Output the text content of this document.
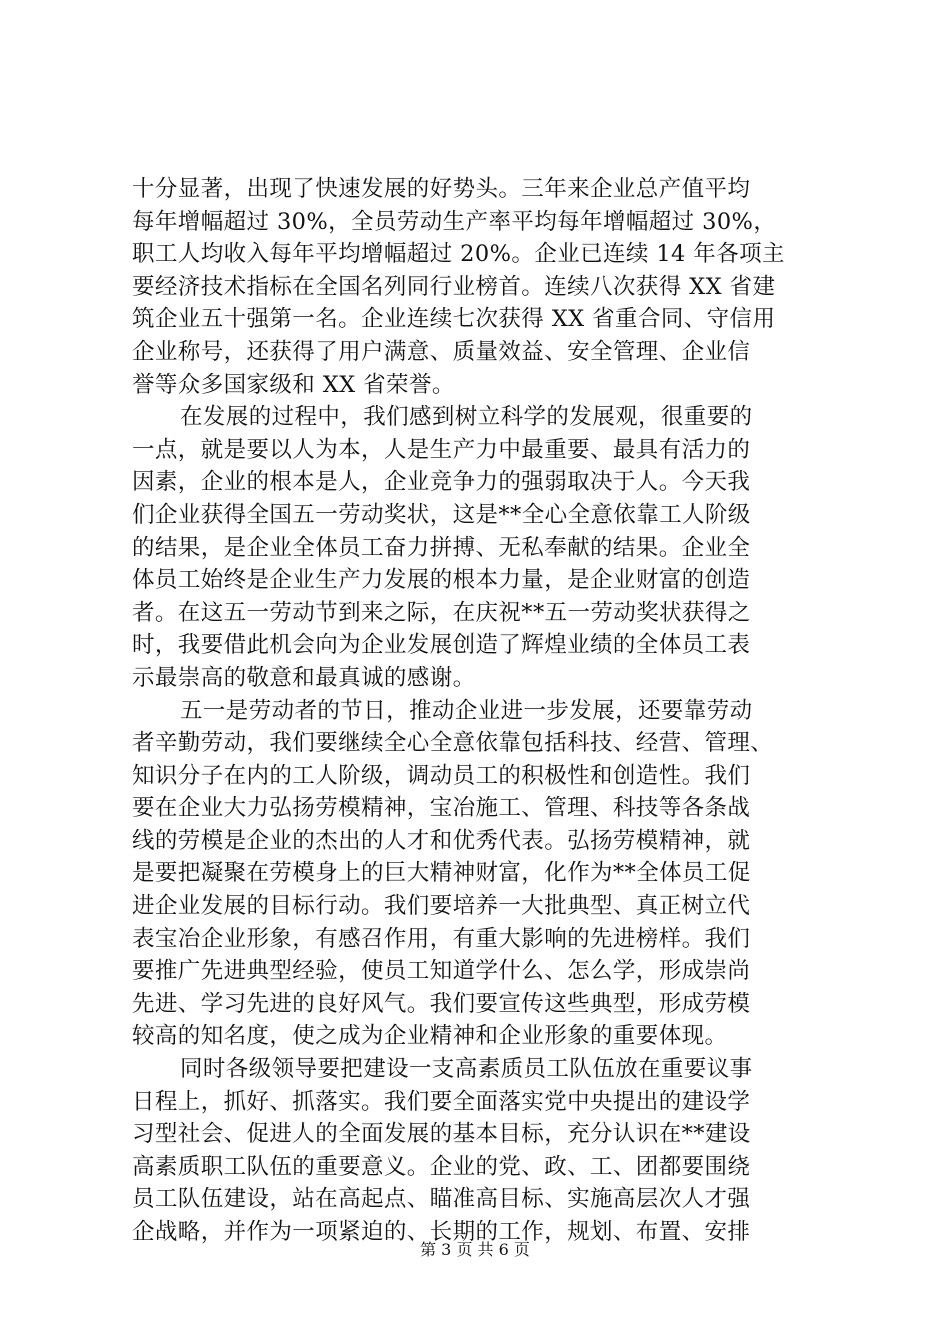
十分显著，出现了快速发展的好势头。三年来企业总产值平均
每年增幅超过 30%，全员劳动生产率平均每年增幅超过 30%，
职工人均收入每年平均增幅超过 20%。企业已连续 14 年各项主
要经济技术指标在全国名列同行业榜首。连续八次获得 XX 省建
筑企业五十强第一名。企业连续七次获得 XX 省重合同、守信用
企业称号，还获得了用户满意、质量效益、安全管理、企业信
誉等众多国家级和 XX 省荣誉。
在发展的过程中，我们感到树立科学的发展观，很重要的
一点，就是要以人为本，人是生产力中最重要、最具有活力的
因素，企业的根本是人，企业竞争力的强弱取决于人。今天我
们企业获得全国五一劳动奖状，这是**全心全意依靠工人阶级
的结果，是企业全体员工奋力拼搏、无私奉献的结果。企业全
体员工始终是企业生产力发展的根本力量，是企业财富的创造
者。在这五一劳动节到来之际，在庆祝**五一劳动奖状获得之
时，我要借此机会向为企业发展创造了辉煌业绩的全体员工表
示最崇高的敬意和最真诚的感谢。
五一是劳动者的节日，推动企业进一步发展，还要靠劳动
者辛勤劳动，我们要继续全心全意依靠包括科技、经营、管理、
知识分子在内的工人阶级，调动员工的积极性和创造性。我们
要在企业大力弘扬劳模精神，宝冶施工、管理、科技等各条战
线的劳模是企业的杰出的人才和优秀代表。弘扬劳模精神，就
是要把凝聚在劳模身上的巨大精神财富，化作为**全体员工促
进企业发展的目标行动。我们要培养一大批典型、真正树立代
表宝冶企业形象，有感召作用，有重大影响的先进榜样。我们
要推广先进典型经验，使员工知道学什么、怎么学，形成崇尚
先进、学习先进的良好风气。我们要宣传这些典型，形成劳模
较高的知名度，使之成为企业精神和企业形象的重要体现。
同时各级领导要把建设一支高素质员工队伍放在重要议事
日程上，抓好、抓落实。我们要全面落实党中央提出的建设学
习型社会、促进人的全面发展的基本目标，充分认识在**建设
高素质职工队伍的重要意义。企业的党、政、工、团都要围绕
员工队伍建设，站在高起点、瞄准高目标、实施高层次人才强
企战略，并作为一项紧迫的、长期的工作，规划、布置、安排
第 3 页 共 6 页
